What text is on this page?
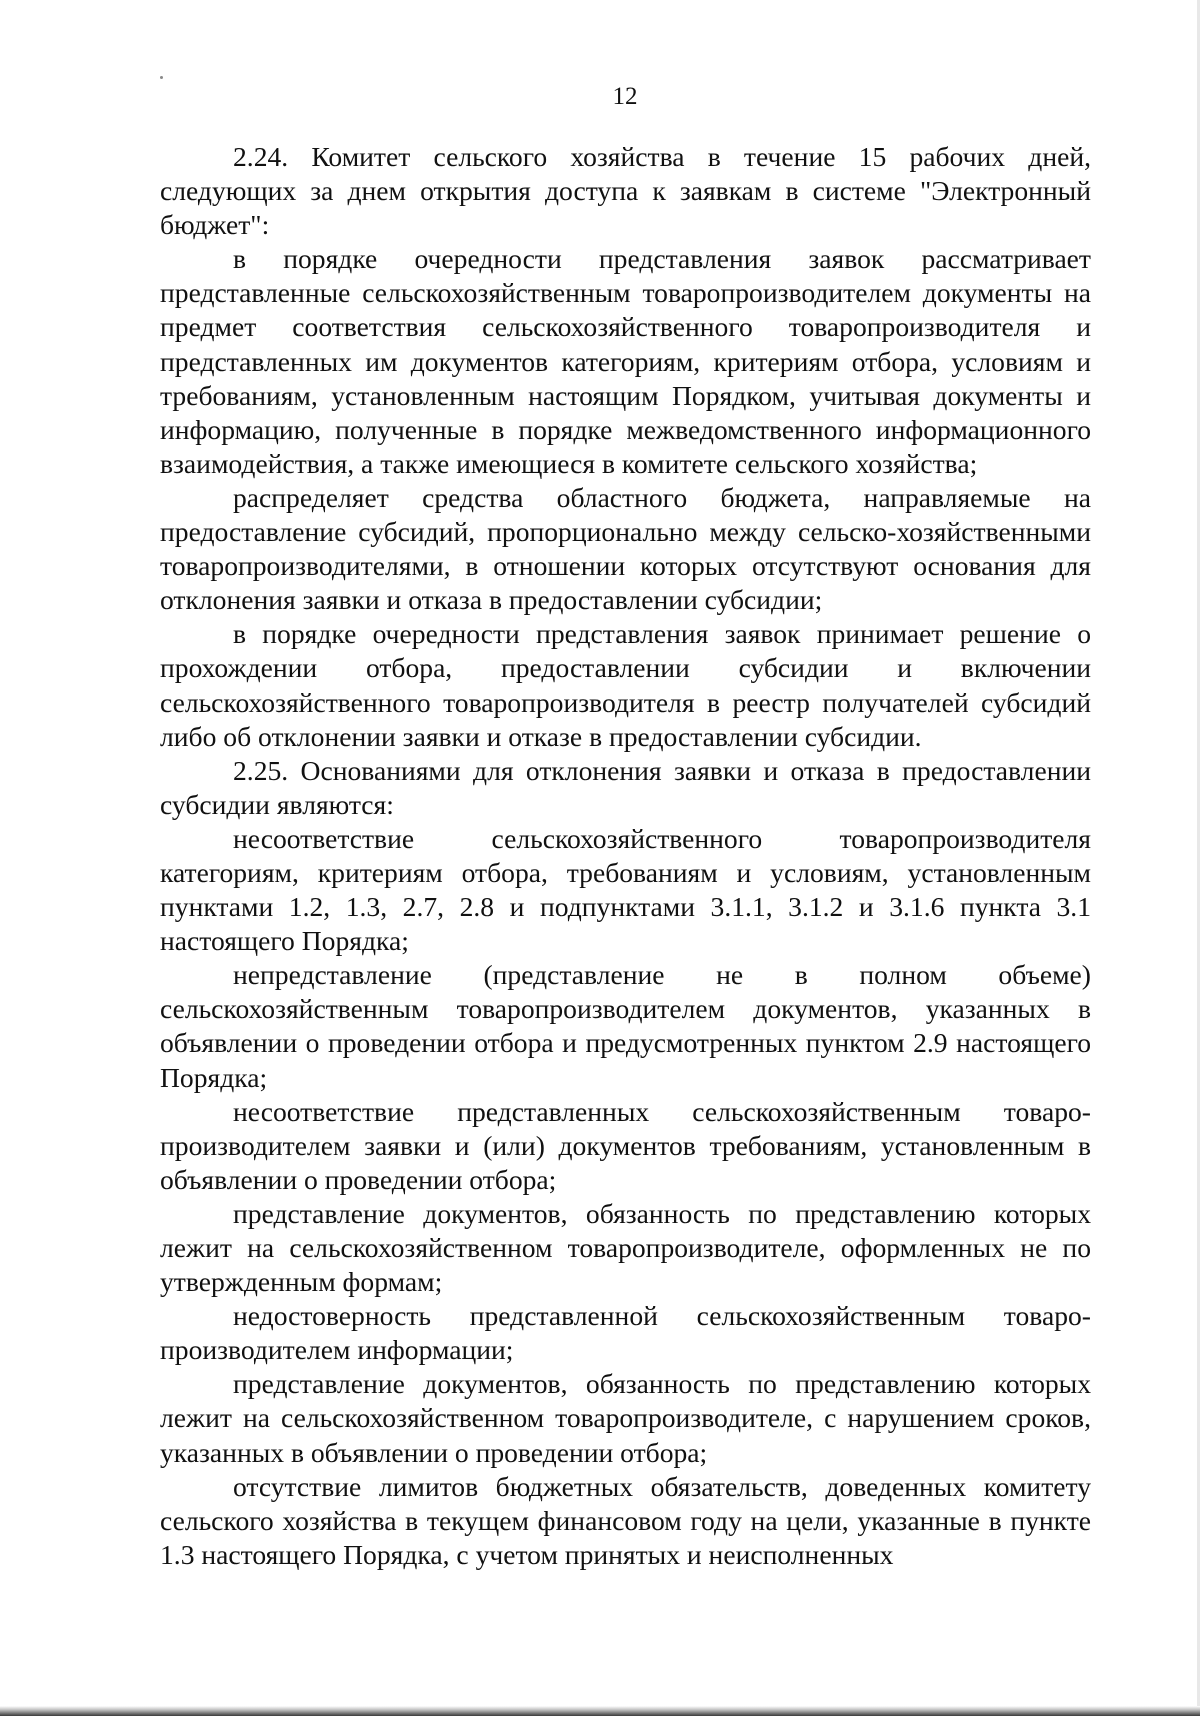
12

2.24. Комитет сельского хозяйства в течение 15 рабочих дней, следующих за днем открытия доступа к заявкам в системе "Электронный бюджет":

в порядке очередности представления заявок рассматривает представленные сельскохозяйственным товаропроизводителем документы на предмет соответствия сельскохозяйственного товаропроизводителя и представленных им документов категориям, критериям отбора, условиям и требованиям, установленным настоящим Порядком, учитывая документы и информацию, полученные в порядке межведомственного информационного взаимодействия, а также имеющиеся в комитете сельского хозяйства;

распределяет средства областного бюджета, направляемые на предоставление субсидий, пропорционально между сельско-хозяйственными товаропроизводителями, в отношении которых отсутствуют основания для отклонения заявки и отказа в предоставлении субсидии;

в порядке очередности представления заявок принимает решение о прохождении отбора, предоставлении субсидии и включении сельскохозяйственного товаропроизводителя в реестр получателей субсидий либо об отклонении заявки и отказе в предоставлении субсидии.

2.25. Основаниями для отклонения заявки и отказа в предоставлении субсидии являются:

несоответствие сельскохозяйственного товаропроизводителя категориям, критериям отбора, требованиям и условиям, установленным пунктами 1.2, 1.3, 2.7, 2.8 и подпунктами 3.1.1, 3.1.2 и 3.1.6 пункта 3.1 настоящего Порядка;

непредставление (представление не в полном объеме) сельскохозяйственным товаропроизводителем документов, указанных в объявлении о проведении отбора и предусмотренных пунктом 2.9 настоящего Порядка;

несоответствие представленных сельскохозяйственным товаро-производителем заявки и (или) документов требованиям, установленным в объявлении о проведении отбора;

представление документов, обязанность по представлению которых лежит на сельскохозяйственном товаропроизводителе, оформленных не по утвержденным формам;

недостоверность представленной сельскохозяйственным товаро-производителем информации;

представление документов, обязанность по представлению которых лежит на сельскохозяйственном товаропроизводителе, с нарушением сроков, указанных в объявлении о проведении отбора;

отсутствие лимитов бюджетных обязательств, доведенных комитету сельского хозяйства в текущем финансовом году на цели, указанные в пункте 1.3 настоящего Порядка, с учетом принятых и неисполненных
